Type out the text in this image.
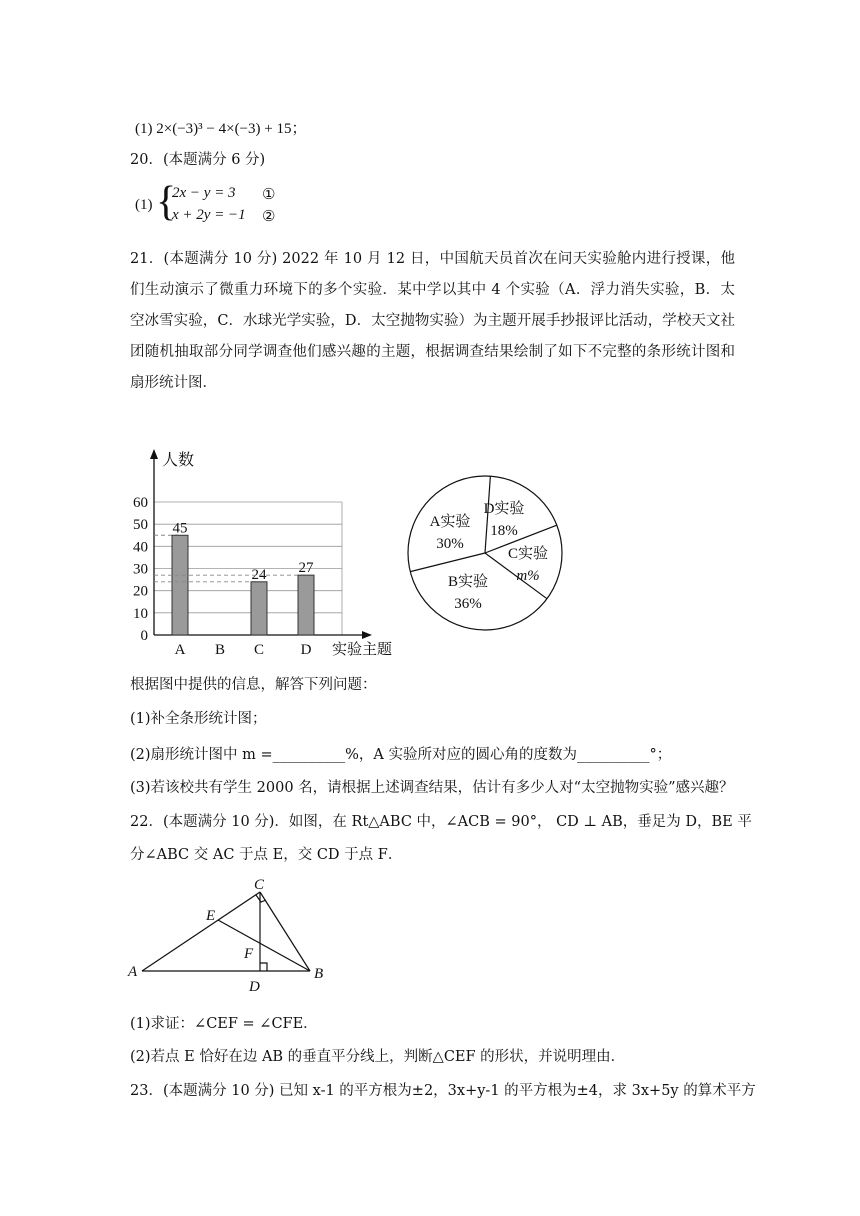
(1) 2×(−3)³ − 4×(−3) + 15；
20．(本题满分 6 分)
(1) {
2x − y = 3 ①
x + 2y = −1 ②
21．(本题满分 10 分) 2022 年 10 月 12 日，中国航天员首次在问天实验舱内进行授课，他们生动演示了微重力环境下的多个实验．某中学以其中 4 个实验（A．浮力消失实验，B．太空冰雪实验，C．水球光学实验，D．太空抛物实验）为主题开展手抄报评比活动，学校天文社团随机抽取部分同学调查他们感兴趣的主题，根据调查结果绘制了如下不完整的条形统计图和扇形统计图．
0
10
20
30
40
50
60
人数
实验主题
A
45
B C
24
D
27
A实验
30%
D实验
18%
C实验
m%
B实验
36%
根据图中提供的信息，解答下列问题：
(1)补全条形统计图；
(2)扇形统计图中 m =__________%，A 实验所对应的圆心角的度数为__________°；
(3)若该校共有学生 2000 名，请根据上述调查结果，估计有多少人对“太空抛物实验”感兴趣？
22．(本题满分 10 分)．如图，在 Rt△ABC 中，∠ACB = 90°， CD ⊥ AB，垂足为 D，BE 平
分∠ABC 交 AC 于点 E，交 CD 于点 F．
A	B
C
D
E
F
(1)求证：∠CEF = ∠CFE．
(2)若点 E 恰好在边 AB 的垂直平分线上，判断△CEF 的形状，并说明理由．
23．(本题满分 10 分) 已知 x-1 的平方根为±2，3x+y-1 的平方根为±4，求 3x+5y 的算术平方
